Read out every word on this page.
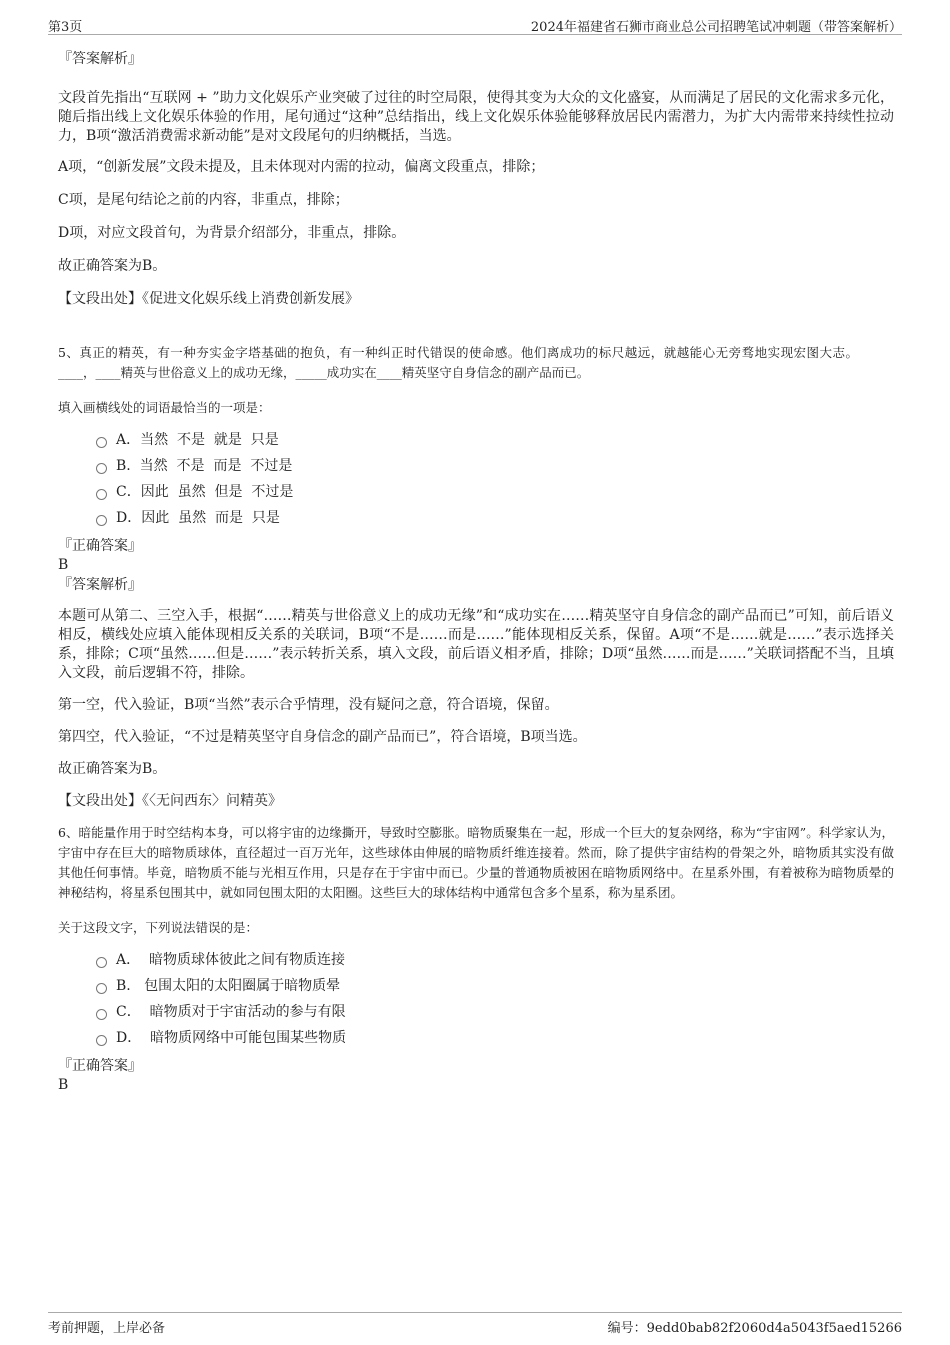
第3页	2024年福建省石狮市商业总公司招聘笔试冲刺题（带答案解析）
『答案解析』
文段首先指出“互联网 + ”助力文化娱乐产业突破了过往的时空局限，使得其变为大众的文化盛宴，从而满足了居民的文化需求多元化，随后指出线上文化娱乐体验的作用，尾句通过“这种”总结指出，线上文化娱乐体验能够释放居民内需潜力，为扩大内需带来持续性拉动力，B项“激活消费需求新动能”是对文段尾句的归纳概括，当选。
A项，“创新发展”文段未提及，且未体现对内需的拉动，偏离文段重点，排除；
C项，是尾句结论之前的内容，非重点，排除；
D项，对应文段首句，为背景介绍部分，非重点，排除。
故正确答案为B。
【文段出处】《促进文化娱乐线上消费创新发展》
5、真正的精英，有一种夯实金字塔基础的抱负，有一种纠正时代错误的使命感。他们离成功的标尺越远，就越能心无旁骛地实现宏图大志。____，____精英与世俗意义上的成功无缘，_____成功实在____精英坚守自身信念的副产品而已。
填入画横线处的词语最恰当的一项是：
A．当然  不是  就是  只是
B.  当然  不是  而是  不过是
C．因此  虽然  但是  不过是
D．因此  虽然  而是  只是
『正确答案』
B
『答案解析』
本题可从第二、三空入手，根据“……精英与世俗意义上的成功无缘”和“成功实在……精英坚守自身信念的副产品而已”可知，前后语义相反，横线处应填入能体现相反关系的关联词，B项“不是……而是……”能体现相反关系，保留。A项“不是……就是……”表示选择关系，排除；C项“虽然……但是……”表示转折关系，填入文段，前后语义相矛盾，排除；D项“虽然……而是……”关联词搭配不当，且填入文段，前后逻辑不符，排除。
第一空，代入验证，B项“当然”表示合乎情理，没有疑问之意，符合语境，保留。
第四空，代入验证，“不过是精英坚守自身信念的副产品而已”，符合语境，B项当选。
故正确答案为B。
【文段出处】《〈无问西东〉问精英》
6、暗能量作用于时空结构本身，可以将宇宙的边缘撕开，导致时空膨胀。暗物质聚集在一起，形成一个巨大的复杂网络，称为“宇宙网”。科学家认为，宇宙中存在巨大的暗物质球体，直径超过一百万光年，这些球体由伸展的暗物质纤维连接着。然而，除了提供宇宙结构的骨架之外，暗物质其实没有做其他任何事情。毕竟，暗物质不能与光相互作用，只是存在于宇宙中而已。少量的普通物质被困在暗物质网络中。在星系外围，有着被称为暗物质晕的神秘结构，将星系包围其中，就如同包围太阳的太阳圈。这些巨大的球体结构中通常包含多个星系，称为星系团。
关于这段文字，下列说法错误的是：
A．  暗物质球体彼此之间有物质连接
B.   包围太阳的太阳圈属于暗物质晕
C．  暗物质对于宇宙活动的参与有限
D．  暗物质网络中可能包围某些物质
『正确答案』
B
考前押题，上岸必备	编号：9edd0bab82f2060d4a5043f5aed15266
